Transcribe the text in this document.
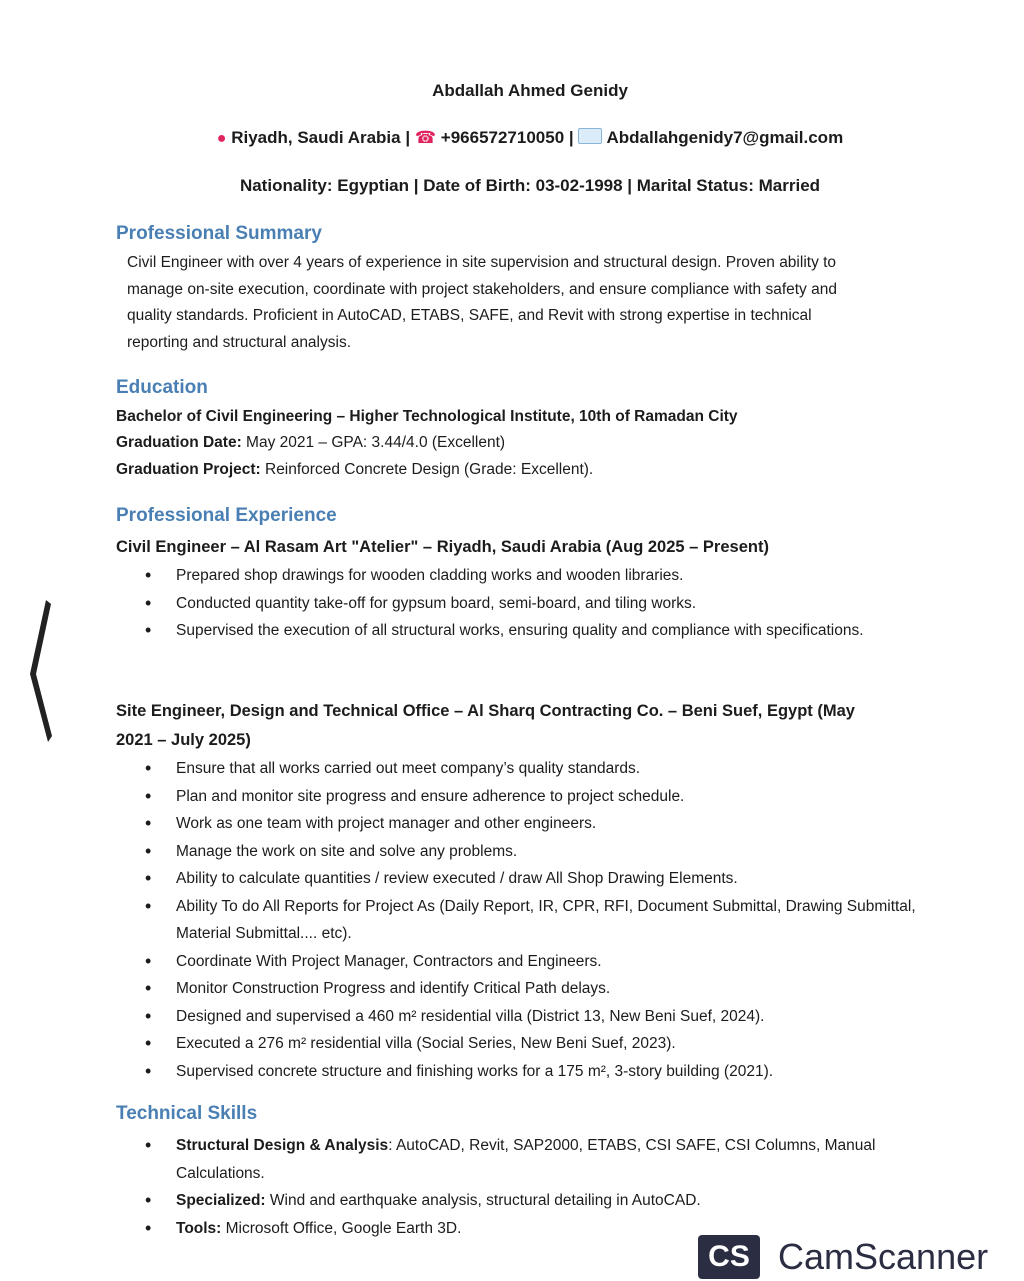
Abdallah Ahmed Genidy
● Riyadh, Saudi Arabia | ☎ +966572710050 | Abdallahgenidy7@gmail.com
Nationality: Egyptian | Date of Birth: 03-02-1998 | Marital Status: Married
Professional Summary
Civil Engineer with over 4 years of experience in site supervision and structural design. Proven ability to
manage on-site execution, coordinate with project stakeholders, and ensure compliance with safety and
quality standards. Proficient in AutoCAD, ETABS, SAFE, and Revit with strong expertise in technical
reporting and structural analysis.
Education
Bachelor of Civil Engineering – Higher Technological Institute, 10th of Ramadan City
Graduation Date: May 2021 – GPA: 3.44/4.0 (Excellent)
Graduation Project: Reinforced Concrete Design (Grade: Excellent).
Professional Experience
Civil Engineer – Al Rasam Art "Atelier" – Riyadh, Saudi Arabia (Aug 2025 – Present)
• Prepared shop drawings for wooden cladding works and wooden libraries.
• Conducted quantity take-off for gypsum board, semi-board, and tiling works.
• Supervised the execution of all structural works, ensuring quality and compliance with specifications.
Site Engineer, Design and Technical Office – Al Sharq Contracting Co. – Beni Suef, Egypt (May
2021 – July 2025)
• Ensure that all works carried out meet company’s quality standards.
• Plan and monitor site progress and ensure adherence to project schedule.
• Work as one team with project manager and other engineers.
• Manage the work on site and solve any problems.
• Ability to calculate quantities / review executed / draw All Shop Drawing Elements.
• Ability To do All Reports for Project As (Daily Report, IR, CPR, RFI, Document Submittal, Drawing Submittal, Material Submittal.... etc).
• Coordinate With Project Manager, Contractors and Engineers.
• Monitor Construction Progress and identify Critical Path delays.
• Designed and supervised a 460 m² residential villa (District 13, New Beni Suef, 2024).
• Executed a 276 m² residential villa (Social Series, New Beni Suef, 2023).
• Supervised concrete structure and finishing works for a 175 m², 3-story building (2021).
Technical Skills
• Structural Design & Analysis: AutoCAD, Revit, SAP2000, ETABS, CSI SAFE, CSI Columns, Manual Calculations.
• Specialized: Wind and earthquake analysis, structural detailing in AutoCAD.
• Tools: Microsoft Office, Google Earth 3D.
CS CamScanner
